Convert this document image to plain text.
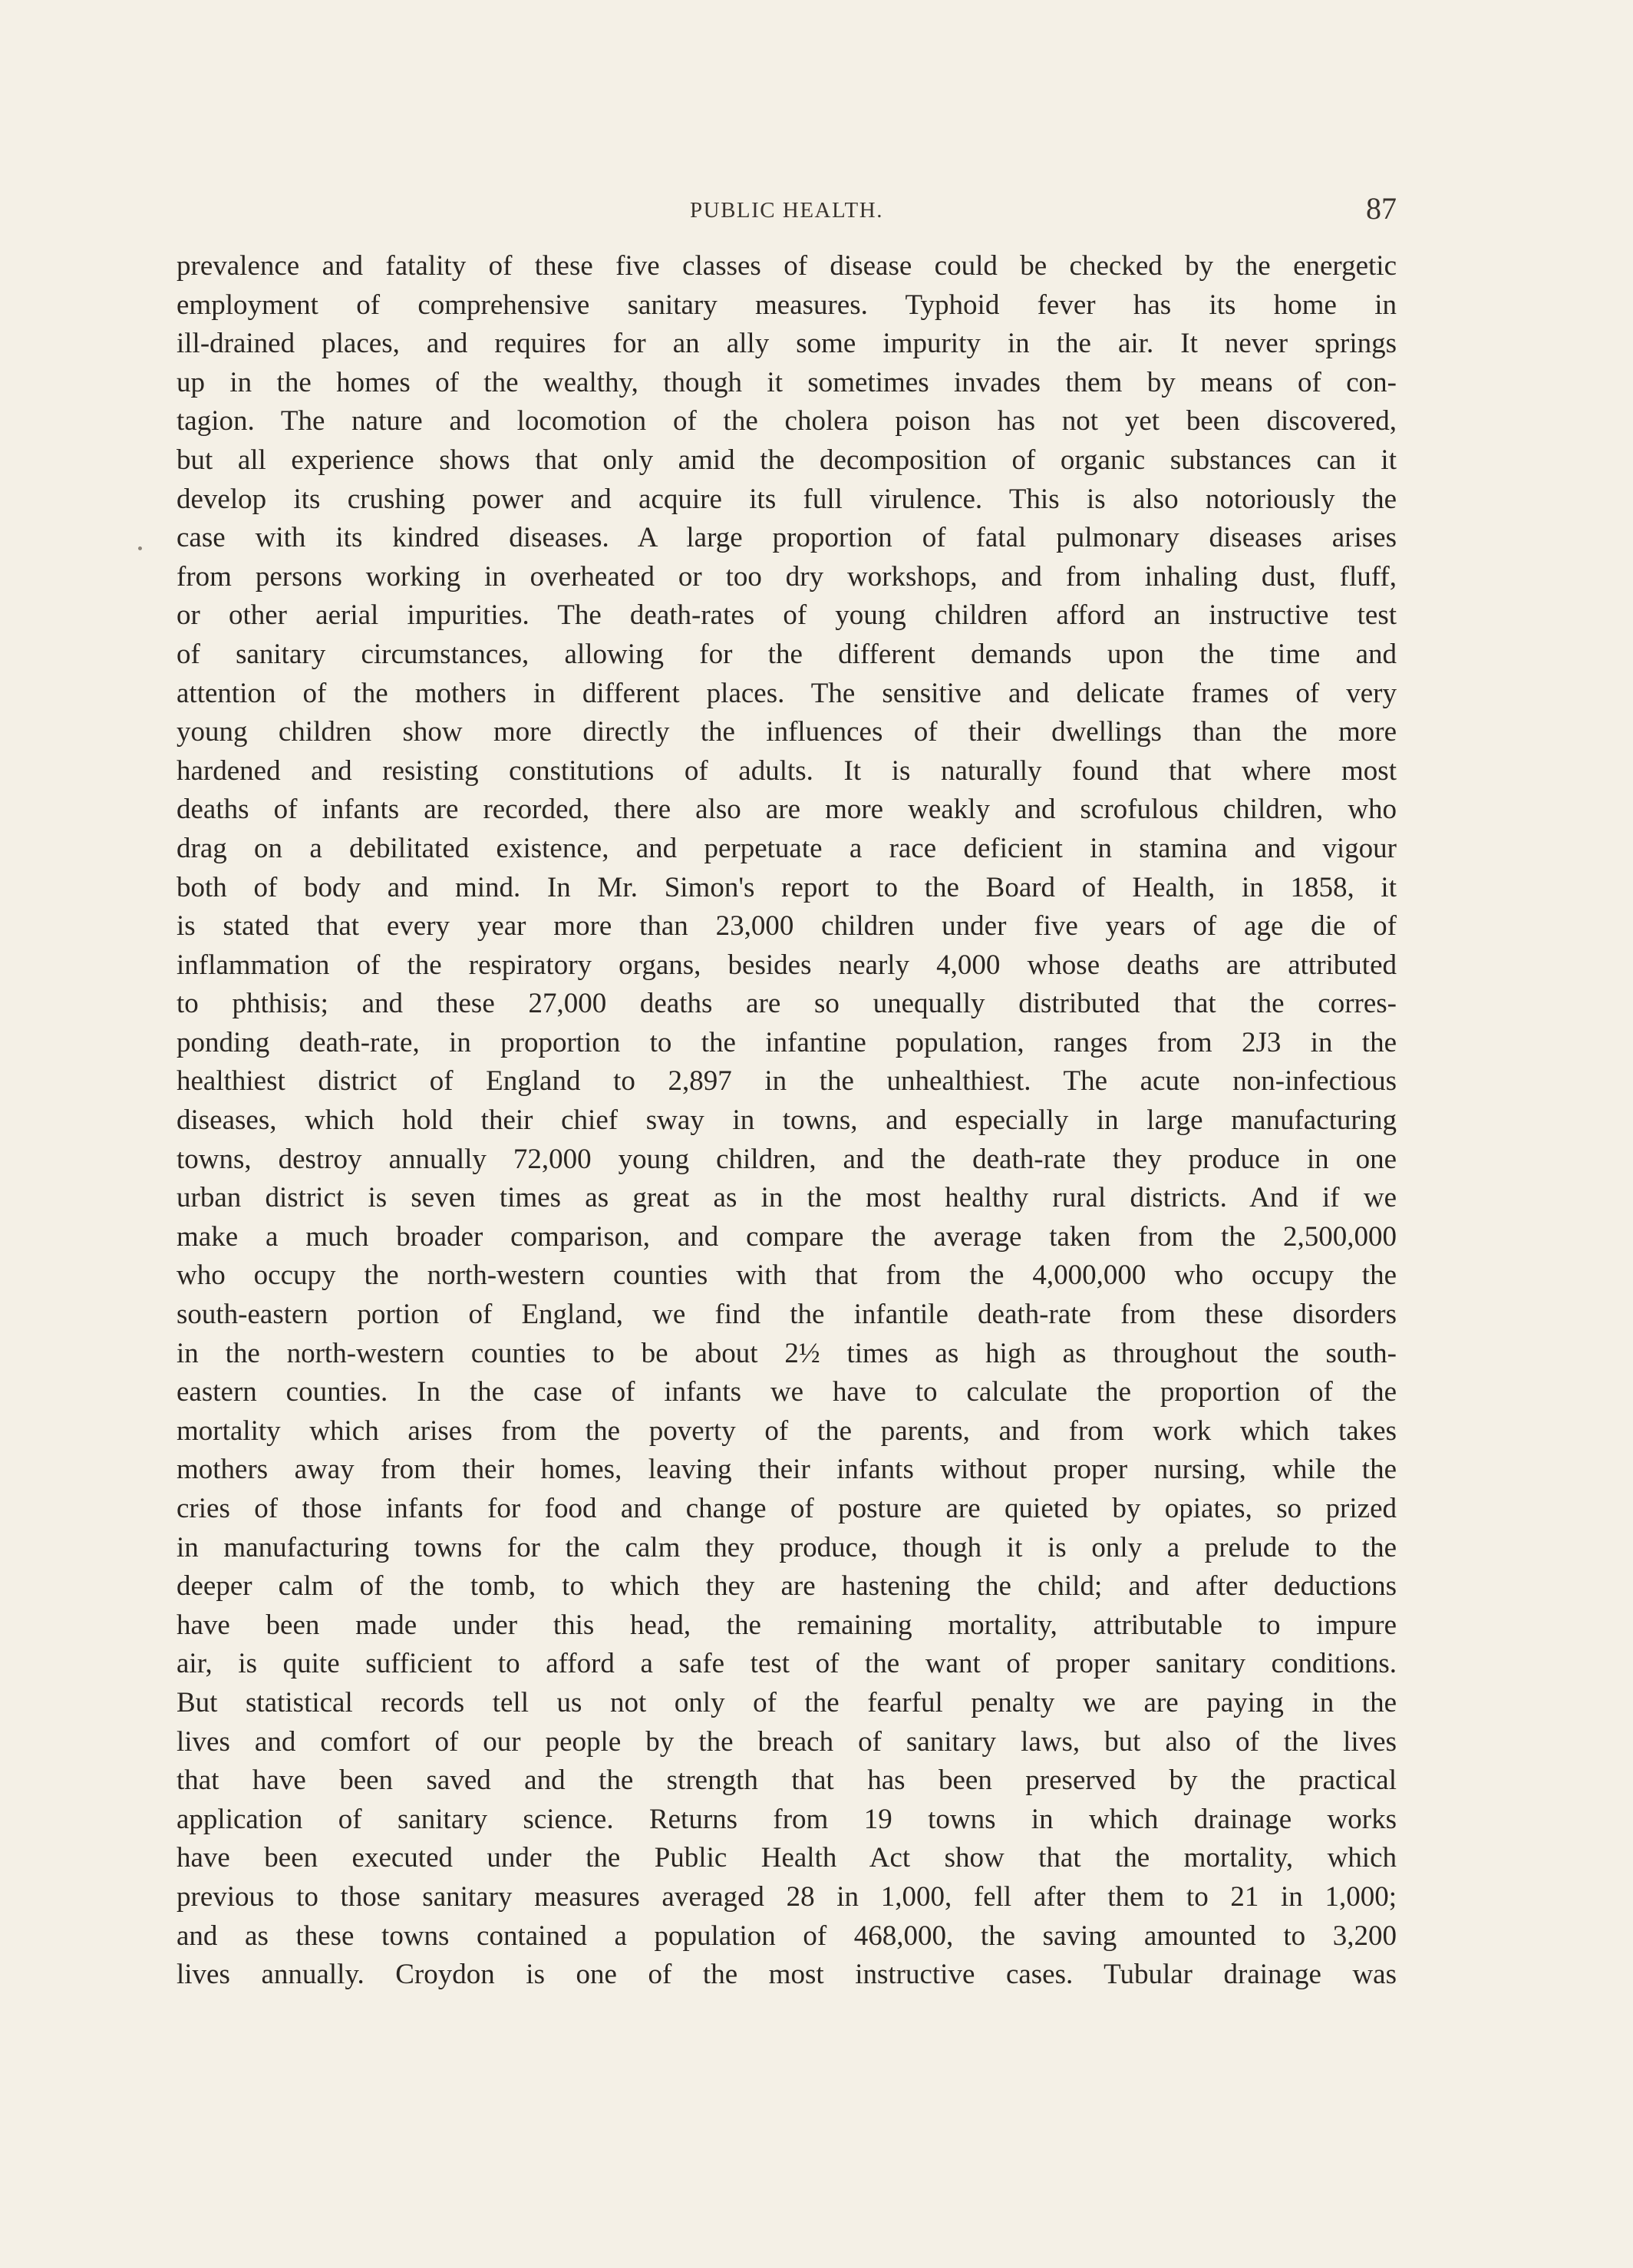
PUBLIC HEALTH.	87
prevalence and fatality of these five classes of disease could be checked by the energetic
employment of comprehensive sanitary measures. Typhoid fever has its home in
ill-drained places, and requires for an ally some impurity in the air. It never springs
up in the homes of the wealthy, though it sometimes invades them by means of con-
tagion. The nature and locomotion of the cholera poison has not yet been discovered,
but all experience shows that only amid the decomposition of organic substances can it
develop its crushing power and acquire its full virulence. This is also notoriously the
case with its kindred diseases. A large proportion of fatal pulmonary diseases arises
from persons working in overheated or too dry workshops, and from inhaling dust, fluff,
or other aerial impurities. The death-rates of young children afford an instructive test
of sanitary circumstances, allowing for the different demands upon the time and
attention of the mothers in different places. The sensitive and delicate frames of very
young children show more directly the influences of their dwellings than the more
hardened and resisting constitutions of adults. It is naturally found that where most
deaths of infants are recorded, there also are more weakly and scrofulous children, who
drag on a debilitated existence, and perpetuate a race deficient in stamina and vigour
both of body and mind. In Mr. Simon's report to the Board of Health, in 1858, it
is stated that every year more than 23,000 children under five years of age die of
inflammation of the respiratory organs, besides nearly 4,000 whose deaths are attributed
to phthisis; and these 27,000 deaths are so unequally distributed that the corres-
ponding death-rate, in proportion to the infantine population, ranges from 2J3 in the
healthiest district of England to 2,897 in the unhealthiest. The acute non-infectious
diseases, which hold their chief sway in towns, and especially in large manufacturing
towns, destroy annually 72,000 young children, and the death-rate they produce in one
urban district is seven times as great as in the most healthy rural districts. And if we
make a much broader comparison, and compare the average taken from the 2,500,000
who occupy the north-western counties with that from the 4,000,000 who occupy the
south-eastern portion of England, we find the infantile death-rate from these disorders
in the north-western counties to be about 2½ times as high as throughout the south-
eastern counties. In the case of infants we have to calculate the proportion of the
mortality which arises from the poverty of the parents, and from work which takes
mothers away from their homes, leaving their infants without proper nursing, while the
cries of those infants for food and change of posture are quieted by opiates, so prized
in manufacturing towns for the calm they produce, though it is only a prelude to the
deeper calm of the tomb, to which they are hastening the child; and after deductions
have been made under this head, the remaining mortality, attributable to impure
air, is quite sufficient to afford a safe test of the want of proper sanitary conditions.
But statistical records tell us not only of the fearful penalty we are paying in the
lives and comfort of our people by the breach of sanitary laws, but also of the lives
that have been saved and the strength that has been preserved by the practical
application of sanitary science. Returns from 19 towns in which drainage works
have been executed under the Public Health Act show that the mortality, which
previous to those sanitary measures averaged 28 in 1,000, fell after them to 21 in 1,000;
and as these towns contained a population of 468,000, the saving amounted to 3,200
lives annually. Croydon is one of the most instructive cases. Tubular drainage was
